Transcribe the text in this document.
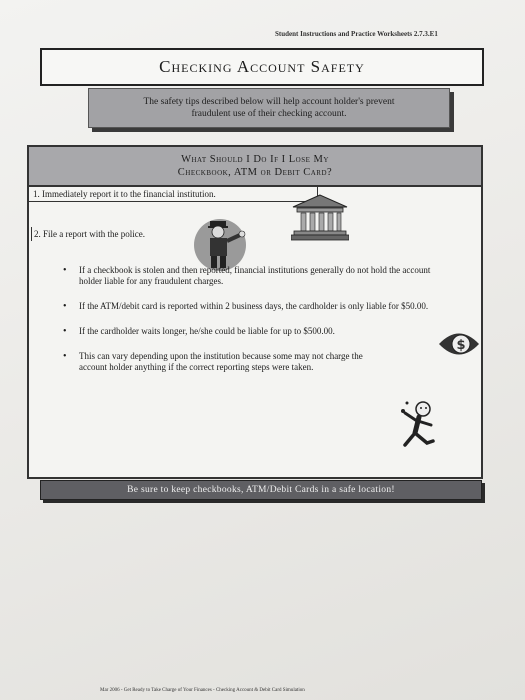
Student Instructions and Practice Worksheets 2.7.3.E1
Checking Account Safety
The safety tips described below will help account holder's prevent
fraudulent use of their checking account.
What Should I Do If I Lose My
Checkbook, ATM or Debit Card?
1. Immediately report it to the financial institution.
2. File a report with the police.
• If a checkbook is stolen and then reported, financial institutions generally do not hold the account holder liable for any fraudulent charges.
• If the ATM/debit card is reported within 2 business days, the cardholder is only liable for $50.00.
• If the cardholder waits longer, he/she could be liable for up to $500.00.
• This can vary depending upon the institution because some may not charge the account holder anything if the correct reporting steps were taken.
$
Be sure to keep checkbooks, ATM/Debit Cards in a safe location!
Mar 2006 - Get Ready to Take Charge of Your Finances - Checking Account & Debit Card Simulation
